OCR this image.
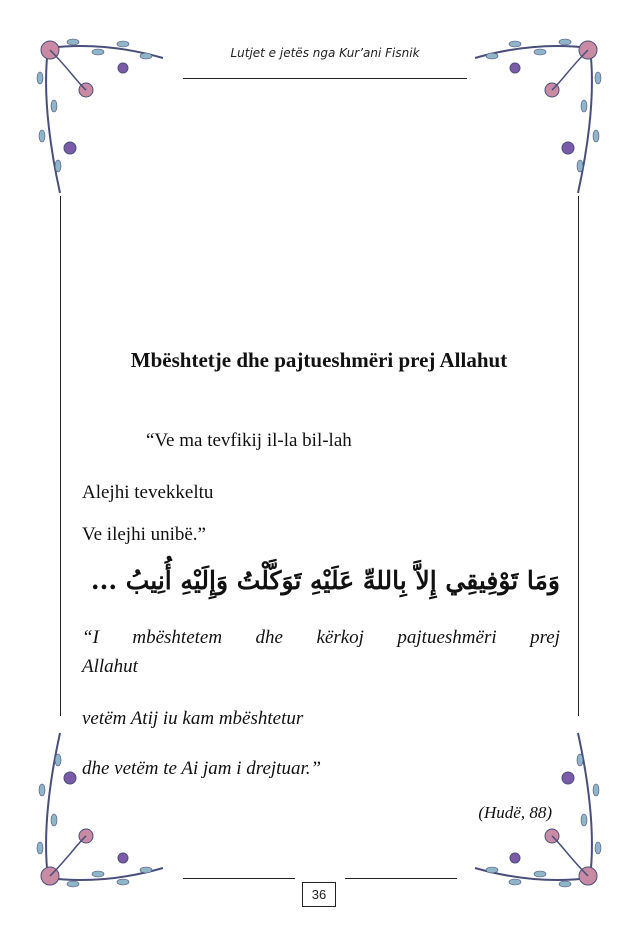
Lutjet e jetës nga Kur’ani Fisnik
Mbështetje dhe pajtueshmëri prej Allahut
“Ve ma tevfikij il-la bil-lah
Alejhi tevekkeltu
Ve ilejhi unibë.”
وَمَا تَوْفِيقِي إِلاَّ بِاللهِّ عَلَيْهِ تَوَكَّلْتُ وَإِلَيْهِ أُنِيبُ ...
“I mbështetem dhe kërkoj pajtueshmëri prej
Allahut
vetëm Atij iu kam mbështetur
dhe vetëm te Ai jam i drejtuar.”
(Hudë, 88)
36
